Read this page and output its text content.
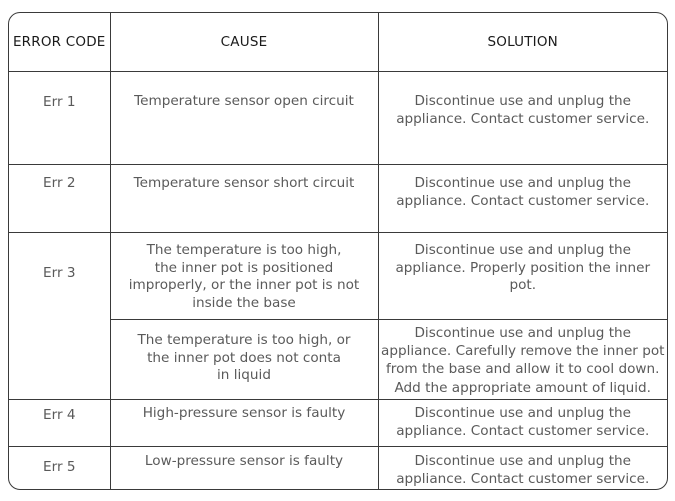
ERROR CODE	CAUSE	SOLUTION
Err 1	Temperature sensor open circuit	Discontinue use and unplug the
appliance. Contact customer service.

Err 2	Temperature sensor short circuit	Discontinue use and unplug the
appliance. Contact customer service.

Err 3	The temperature is too high,
the inner pot is positioned
improperly, or the inner pot is not
inside the base	Discontinue use and unplug the
appliance. Properly position the inner
pot.

	The temperature is too high, or
the inner pot does not conta
in liquid	Discontinue use and unplug the
appliance. Carefully remove the inner pot
from the base and allow it to cool down.
Add the appropriate amount of liquid.

Err 4	High-pressure sensor is faulty	Discontinue use and unplug the
appliance. Contact customer service.

Err 5	Low-pressure sensor is faulty	Discontinue use and unplug the
appliance. Contact customer service.
